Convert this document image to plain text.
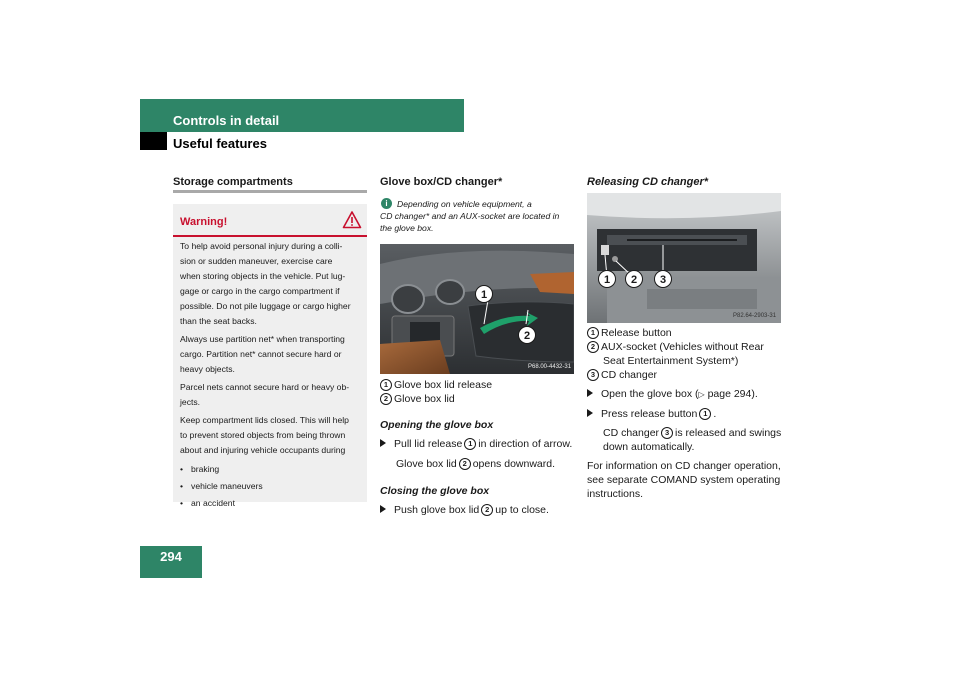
Controls in detail
Useful features
294
Storage compartments
Warning!
To help avoid personal injury during a colli-
sion or sudden maneuver, exercise care
when storing objects in the vehicle. Put lug-
gage or cargo in the cargo compartment if
possible. Do not pile luggage or cargo higher
than the seat backs.
Always use partition net* when transporting
cargo. Partition net* cannot secure hard or
heavy objects.
Parcel nets cannot secure hard or heavy ob-
jects.
Keep compartment lids closed. This will help
to prevent stored objects from being thrown
about and injuring vehicle occupants during
• braking
• vehicle maneuvers
• an accident
Glove box/CD changer*
i	Depending on vehicle equipment, a
CD changer* and an AUX-socket are located in
the glove box.
1
2
P68.00-4432-31
1 Glove box lid release
2 Glove box lid
Opening the glove box
Pull lid release 1 in direction of arrow.
Glove box lid 2 opens downward.
Closing the glove box
Push glove box lid 2 up to close.
Releasing CD changer*
1	2	3
P82.64-2903-31
1 Release button
2 AUX-socket (Vehicles without Rear
Seat Entertainment System*)
3 CD changer
Open the glove box (▷ page 294).
Press release button 1 .
CD changer 3 is released and swings
down automatically.
For information on CD changer operation,
see separate COMAND system operating
instructions.
